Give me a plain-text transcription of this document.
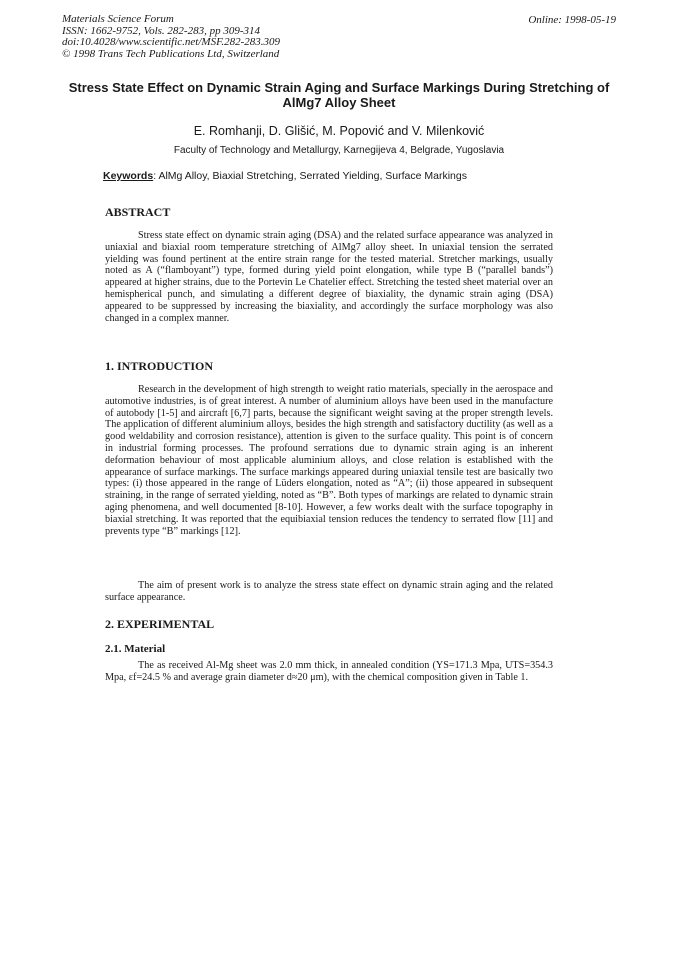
Materials Science Forum
ISSN: 1662-9752, Vols. 282-283, pp 309-314
doi:10.4028/www.scientific.net/MSF.282-283.309
© 1998 Trans Tech Publications Ltd, Switzerland
Online: 1998-05-19
Stress State Effect on Dynamic Strain Aging and Surface Markings During Stretching of AlMg7 Alloy Sheet
E. Romhanji, D. Glišić, M. Popović and V. Milenković
Faculty of Technology and Metallurgy, Karnegijeva 4, Belgrade, Yugoslavia
Keywords: AlMg Alloy, Biaxial Stretching, Serrated Yielding, Surface Markings
ABSTRACT
Stress state effect on dynamic strain aging (DSA) and the related surface appearance was analyzed in uniaxial and biaxial room temperature stretching of AlMg7 alloy sheet. In uniaxial tension the serrated yielding was found pertinent at the entire strain range for the tested material. Stretcher markings, usually noted as A (“flamboyant”) type, formed during yield point elongation, while type B (“parallel bands”) appeared at higher strains, due to the Portevin Le Chatelier effect. Stretching the tested sheet material over an hemispherical punch, and simulating a different degree of biaxiality, the dynamic strain aging (DSA) appeared to be suppressed by increasing the biaxiality, and accordingly the surface morphology was also changed in a complex manner.
1. INTRODUCTION
Research in the development of high strength to weight ratio materials, specially in the aerospace and automotive industries, is of great interest. A number of aluminium alloys have been used in the manufacture of autobody [1-5] and aircraft [6,7] parts, because the significant weight saving at the proper strength levels. The application of different aluminium alloys, besides the high strength and satisfactory ductility (as well as a good weldability and corrosion resistance), attention is given to the surface quality. This point is of concern in industrial forming processes. The profound serrations due to dynamic strain aging is an inherent deformation behaviour of most applicable aluminium alloys, and close relation is established with the appearance of surface markings. The surface markings appeared during uniaxial tensile test are basically two types: (i) those appeared in the range of Lüders elongation, noted as “A”; (ii) those appeared in subsequent straining, in the range of serrated yielding, noted as “B”. Both types of markings are related to dynamic strain aging phenomena, and well documented [8-10]. However, a few works dealt with the surface topography in biaxial stretching. It was reported that the equibiaxial tension reduces the tendency to serrated flow [11] and prevents type “B” markings [12].
The aim of present work is to analyze the stress state effect on dynamic strain aging and the related surface appearance.
2. EXPERIMENTAL
2.1. Material
The as received Al-Mg sheet was 2.0 mm thick, in annealed condition (YS=171.3 Mpa, UTS=354.3 Mpa, εf=24.5 % and average grain diameter d≈20 μm), with the chemical composition given in Table 1.
